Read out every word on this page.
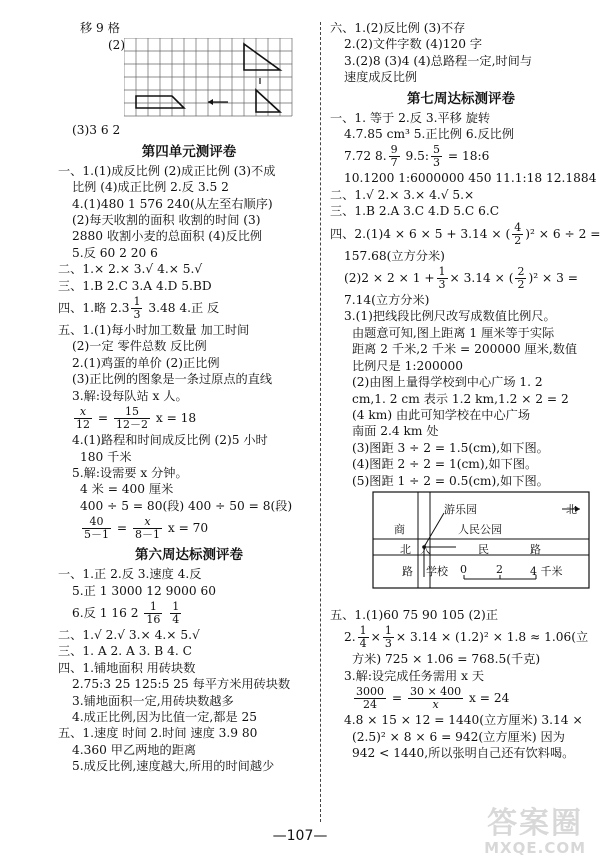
移 9 格
(2)
(3)3 6 2
第四单元测评卷
一、1.(1)成反比例 (2)成正比例 (3)不成
比例 (4)成正比例 2.反 3.5 2
4.(1)480 1 576 240(从左至右顺序)
(2)每天收割的面积 收割的时间 (3)
2880 收割小麦的总面积 (4)反比例
5.反 60 2 20 6
二、1.× 2.× 3.√ 4.× 5.√
三、1.B 2.C 3.A 4.D 5.BD
四、1.略 $2.3 \frac{1}{3} 3.48$ 4.正 反
五、1.(1)每小时加工数量 加工时间
(2)一定 零件总数 反比例
2.(1)鸡蛋的单价 (2)正比例
(3)正比例的图象是一条过原点的直线
3.解:设每队站 x 人。
$\frac{x}{12} = \frac{15}{12-2}$ x = 18
4.(1)路程和时间成反比例 (2)5 小时
180 千米
5.解:设需要 x 分钟。
4 米 = 400 厘米
400 ÷ 5 = 80(段) 400 ÷ 50 = 8(段)
$\frac{40}{5-1} = \frac{x}{8-1}$ x = 70
第六周达标测评卷
一、1.正 2.反 3.速度 4.反
5.正 1 3000 12 9000 60
6.反 1 16 $2 \frac{1}{16}$
$\frac{1}{4}$
二、1.√ 2.√ 3.× 4.× 5.√
三、1. A 2. A 3. B 4. C
四、1.铺地面积 用砖块数
2.75:3 25 125:5 25 每平方米用砖块数
3.铺地面积一定,用砖块数越多
4.成正比例,因为比值一定,都是 25
五、1.速度 时间 2.时间 速度 3.9 80
4.360 甲乙两地的距离
5.成反比例,速度越大,所用的时间越少
六、1.(2)反比例 (3)不存
2.(2)文件字数 (4)120 字
3.(2)8 (3)4 (4)总路程一定,时间与
速度成反比例
第七周达标测评卷
一、1. 等于 2.反 3.平移 旋转
4.7.85 cm³ 5.正比例 6.反比例
7.72 8. $\frac{9}{7} 9.5$: $\frac{5}{3}$ = 18:6
10.1200 1:6000000 450 11.1:18 12.1884
二、1.√ 2.× 3.× 4.√ 5.×
三、1.B 2.A 3.C 4.D 5.C 6.C
四、2.(1)4 × 6 × 5 + 3.14 × ( $\frac{4}{2} )^2 \times 6 \div 2$ =
157.68(立方分米)
$(2)2 \times 2 \times 1 + \frac{1}{3} \times 3.14$ × ( $\frac{2}{2} )^2 \times 3$ =
7.14(立方分米)
3.(1)把线段比例尺改写成数值比例尺。
由题意可知,图上距离 1 厘米等于实际
距离 2 千米,2 千米 = 200000 厘米,数值
比例尺是 1:200000
(2)由图上量得学校到中心广场 1. 2
cm,1. 2 cm 表示 1.2 km,1.2 × 2 = 2
(4 km) 由此可知学校在中心广场
南面 2.4 km 处
(3)图距 3 ÷ 2 = 1.5(cm),如下图。
(4)图距 2 ÷ 2 = 1(cm),如下图。
(5)图距 1 ÷ 2 = 0.5(cm),如下图。
北
游乐园
人民公园
商
民	路
北 人
路 学校 0	2 4 千米
五、1.(1)60 75 90 105 (2)正
2. $\frac{1}{4} \times \frac{1}{3} \times 3.14 \times (1.2)^2 \times 1.8 \approx 1.06$(立
方米) 725 × 1.06 = 768.5(千克)
3.解:设完成任务需用 x 天
$\frac{3000}{24} = \frac{30 \times 400}{x}$ x = 24
4.8 × 15 × 12 = 1440(立方厘米) 3.14 ×
(2.5)² × 8 × 6 = 942(立方厘米) 因为
942 < 1440,所以张明自己还有饮料喝。
—107—	答案圈
MXQE.COM
